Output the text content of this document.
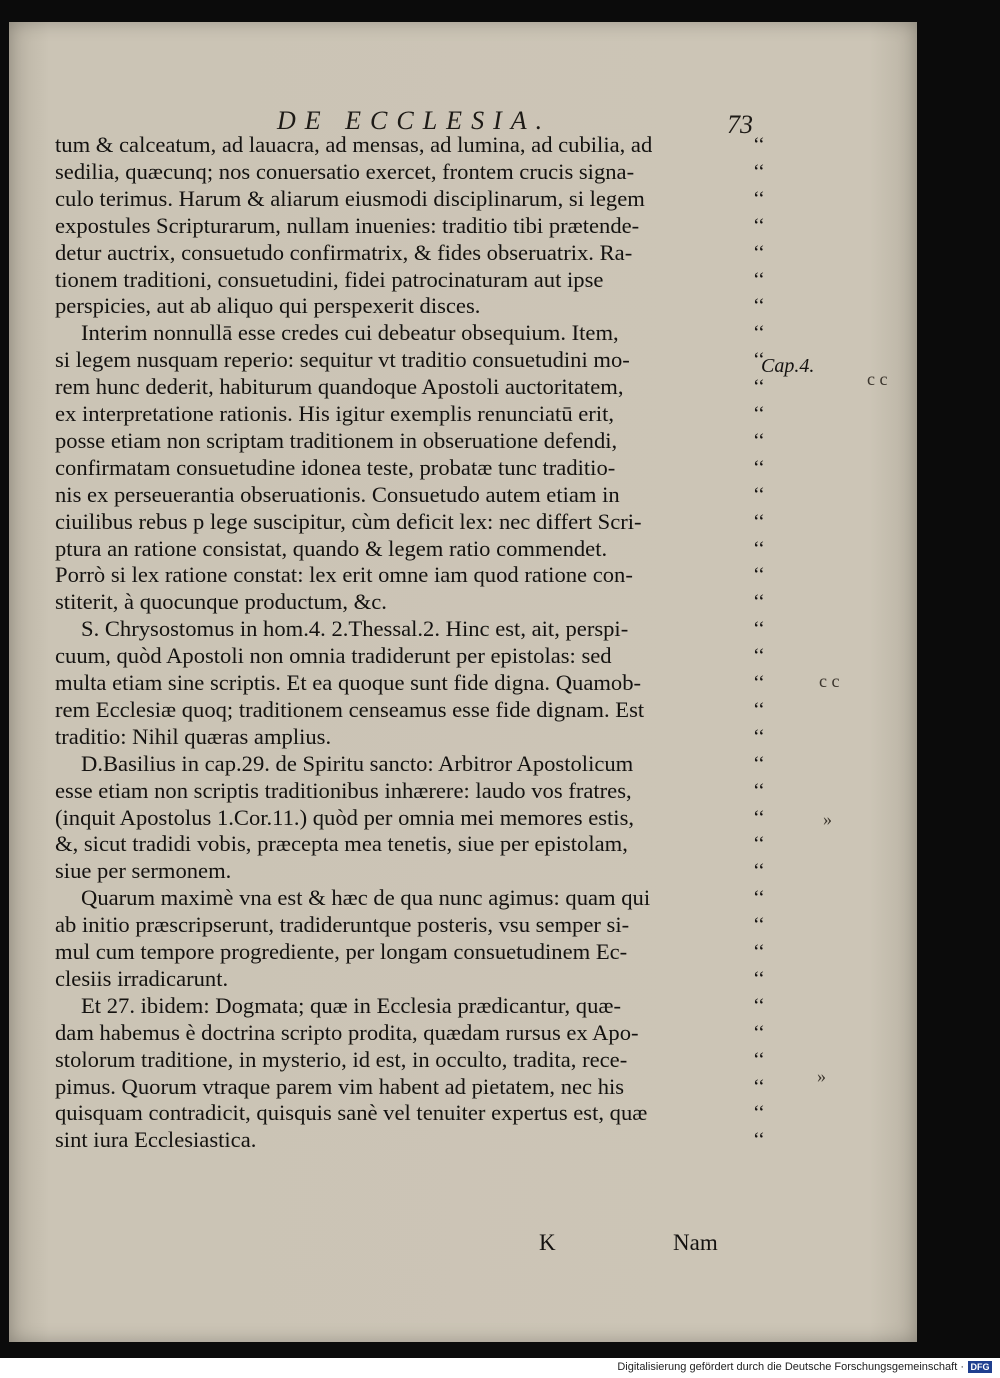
DE ECCLESIA.	73
tum & calceatum, ad lauacra, ad mensas, ad lumina, ad cubilia, ad
sedilia, quæcunq; nos conuersatio exercet, frontem crucis signa-
culo terimus. Harum & aliarum eiusmodi disciplinarum, si legem
expostules Scripturarum, nullam inuenies: traditio tibi prætende-
detur auctrix, consuetudo confirmatrix, & fides obseruatrix. Ra-
tionem traditioni, consuetudini, fidei patrocinaturam aut ipse
perspicies, aut ab aliquo qui perspexerit disces.
Interim nonnullā esse credes cui debeatur obsequium. Item,
si legem nusquam reperio: sequitur vt traditio consuetudini mo-
rem hunc dederit, habiturum quandoque Apostoli auctoritatem,
ex interpretatione rationis. His igitur exemplis renunciatū erit,
posse etiam non scriptam traditionem in obseruatione defendi,
confirmatam consuetudine idonea teste, probatæ tunc traditio-
nis ex perseuerantia obseruationis. Consuetudo autem etiam in
ciuilibus rebus p lege suscipitur, cùm deficit lex: nec differt Scri-
ptura an ratione consistat, quando & legem ratio commendet.
Porrò si lex ratione constat: lex erit omne iam quod ratione con-
stiterit, à quocunque productum, &c.
S. Chrysostomus in hom.4. 2.Thessal.2. Hinc est, ait, perspi-
cuum, quòd Apostoli non omnia tradiderunt per epistolas: sed
multa etiam sine scriptis. Et ea quoque sunt fide digna. Quamob-
rem Ecclesiæ quoq; traditionem censeamus esse fide dignam. Est
traditio: Nihil quæras amplius.
D.Basilius in cap.29. de Spiritu sancto: Arbitror Apostolicum
esse etiam non scriptis traditionibus inhærere: laudo vos fratres,
(inquit Apostolus 1.Cor.11.) quòd per omnia mei memores estis,
&, sicut tradidi vobis, præcepta mea tenetis, siue per epistolam,
siue per sermonem.
Quarum maximè vna est & hæc de qua nunc agimus: quam qui
ab initio præscripserunt, tradideruntque posteris, vsu semper si-
mul cum tempore progrediente, per longam consuetudinem Ec-
clesiis irradicarunt.
Et 27. ibidem: Dogmata; quæ in Ecclesia prædicantur, quæ-
dam habemus è doctrina scripto prodita, quædam rursus ex Apo-
stolorum traditione, in mysterio, id est, in occulto, tradita, rece-
pimus. Quorum vtraque parem vim habent ad pietatem, nec his
quisquam contradicit, quisquis sanè vel tenuiter expertus est, quæ
sint iura Ecclesiastica.
‘‘
‘‘
‘‘
‘‘
‘‘
‘‘
‘‘
‘‘
‘‘
‘‘
‘‘
‘‘
‘‘
‘‘
‘‘
‘‘
‘‘
‘‘
‘‘
‘‘
‘‘
‘‘
‘‘
‘‘
‘‘
‘‘
‘‘
‘‘
‘‘
‘‘
‘‘
‘‘
‘‘
‘‘
‘‘
‘‘
‘‘
‘‘
Cap.4.
c c
c c
»
»
K	Nam
Digitalisierung gefördert durch die Deutsche Forschungsgemeinschaft · DFG
